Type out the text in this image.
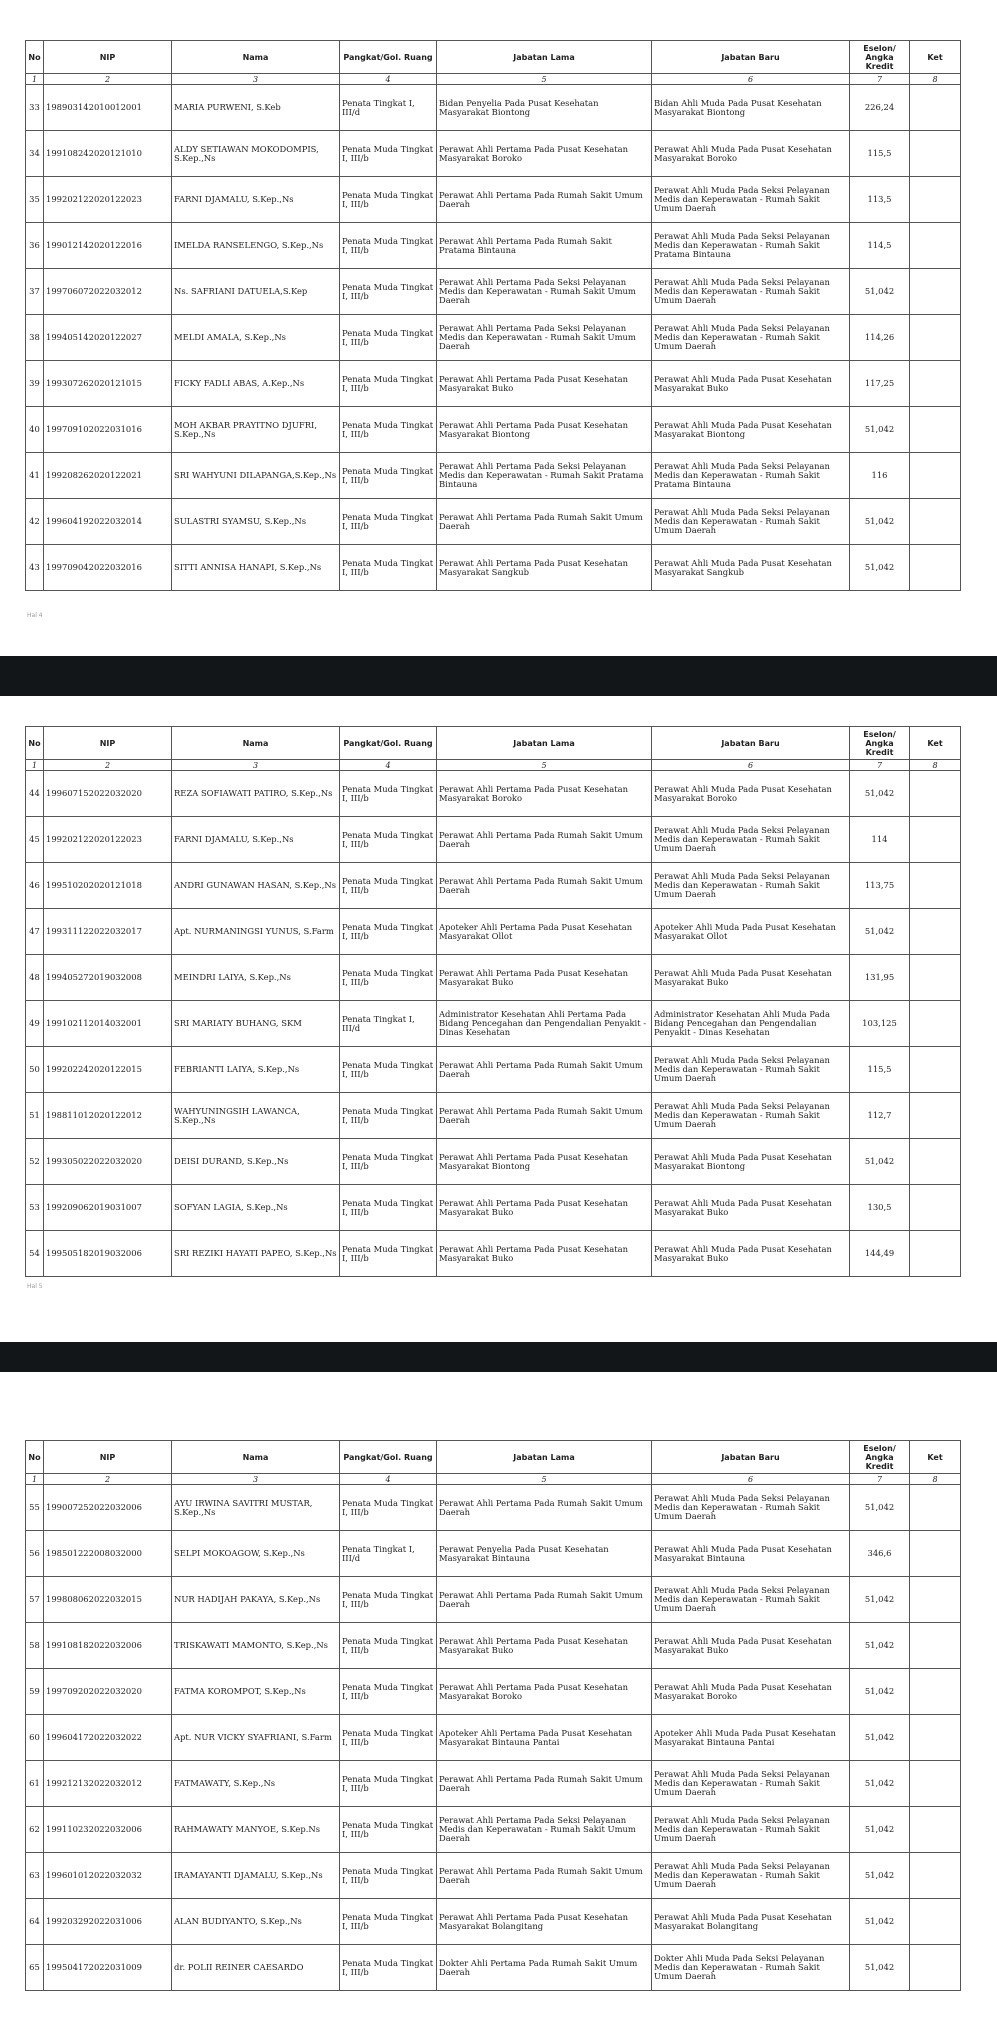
No	NIP	Nama	Pangkat/Gol. Ruang	Jabatan Lama	Jabatan Baru	Eselon/ Angka Kredit	Ket
1	2	3	4	5	6	7	8
33	198903142010012001	MARIA PURWENI, S.Keb	Penata Tingkat I, III/d	Bidan Penyelia Pada Pusat Kesehatan Masyarakat Biontong	Bidan Ahli Muda Pada Pusat Kesehatan Masyarakat Biontong	226,24	
34	199108242020121010	ALDY SETIAWAN MOKODOMPIS, S.Kep.,Ns	Penata Muda Tingkat I, III/b	Perawat Ahli Pertama Pada Pusat Kesehatan Masyarakat Boroko	Perawat Ahli Muda Pada Pusat Kesehatan Masyarakat Boroko	115,5	
35	199202122020122023	FARNI DJAMALU, S.Kep.,Ns	Penata Muda Tingkat I, III/b	Perawat Ahli Pertama Pada Rumah Sakit Umum Daerah	Perawat Ahli Muda Pada Seksi Pelayanan Medis dan Keperawatan - Rumah Sakit Umum Daerah	113,5	
36	199012142020122016	IMELDA RANSELENGO, S.Kep.,Ns	Penata Muda Tingkat I, III/b	Perawat Ahli Pertama Pada Rumah Sakit Pratama Bintauna	Perawat Ahli Muda Pada Seksi Pelayanan Medis dan Keperawatan - Rumah Sakit Pratama Bintauna	114,5	
37	199706072022032012	Ns. SAFRIANI DATUELA,S.Kep	Penata Muda Tingkat I, III/b	Perawat Ahli Pertama Pada Seksi Pelayanan Medis dan Keperawatan - Rumah Sakit Umum Daerah	Perawat Ahli Muda Pada Seksi Pelayanan Medis dan Keperawatan - Rumah Sakit Umum Daerah	51,042	
38	199405142020122027	MELDI AMALA, S.Kep.,Ns	Penata Muda Tingkat I, III/b	Perawat Ahli Pertama Pada Seksi Pelayanan Medis dan Keperawatan - Rumah Sakit Umum Daerah	Perawat Ahli Muda Pada Seksi Pelayanan Medis dan Keperawatan - Rumah Sakit Umum Daerah	114,26	
39	199307262020121015	FICKY FADLI ABAS, A.Kep.,Ns	Penata Muda Tingkat I, III/b	Perawat Ahli Pertama Pada Pusat Kesehatan Masyarakat Buko	Perawat Ahli Muda Pada Pusat Kesehatan Masyarakat Buko	117,25	
40	199709102022031016	MOH AKBAR PRAYITNO DJUFRI, S.Kep.,Ns	Penata Muda Tingkat I, III/b	Perawat Ahli Pertama Pada Pusat Kesehatan Masyarakat Biontong	Perawat Ahli Muda Pada Pusat Kesehatan Masyarakat Biontong	51,042	
41	199208262020122021	SRI WAHYUNI DILAPANGA,S.Kep.,Ns	Penata Muda Tingkat I, III/b	Perawat Ahli Pertama Pada Seksi Pelayanan Medis dan Keperawatan - Rumah Sakit Pratama Bintauna	Perawat Ahli Muda Pada Seksi Pelayanan Medis dan Keperawatan - Rumah Sakit Pratama Bintauna	116	
42	199604192022032014	SULASTRI SYAMSU, S.Kep.,Ns	Penata Muda Tingkat I, III/b	Perawat Ahli Pertama Pada Rumah Sakit Umum Daerah	Perawat Ahli Muda Pada Seksi Pelayanan Medis dan Keperawatan - Rumah Sakit Umum Daerah	51,042	
43	199709042022032016	SITTI ANNISA HANAPI, S.Kep.,Ns	Penata Muda Tingkat I, III/b	Perawat Ahli Pertama Pada Pusat Kesehatan Masyarakat Sangkub	Perawat Ahli Muda Pada Pusat Kesehatan Masyarakat Sangkub	51,042	
Hal 4
No	NIP	Nama	Pangkat/Gol. Ruang	Jabatan Lama	Jabatan Baru	Eselon/ Angka Kredit	Ket
1	2	3	4	5	6	7	8
44	199607152022032020	REZA SOFIAWATI PATIRO, S.Kep.,Ns	Penata Muda Tingkat I, III/b	Perawat Ahli Pertama Pada Pusat Kesehatan Masyarakat Boroko	Perawat Ahli Muda Pada Pusat Kesehatan Masyarakat Boroko	51,042	
45	199202122020122023	FARNI DJAMALU, S.Kep.,Ns	Penata Muda Tingkat I, III/b	Perawat Ahli Pertama Pada Rumah Sakit Umum Daerah	Perawat Ahli Muda Pada Seksi Pelayanan Medis dan Keperawatan - Rumah Sakit Umum Daerah	114	
46	199510202020121018	ANDRI GUNAWAN HASAN, S.Kep.,Ns	Penata Muda Tingkat I, III/b	Perawat Ahli Pertama Pada Rumah Sakit Umum Daerah	Perawat Ahli Muda Pada Seksi Pelayanan Medis dan Keperawatan - Rumah Sakit Umum Daerah	113,75	
47	199311122022032017	Apt. NURMANINGSI YUNUS, S.Farm	Penata Muda Tingkat I, III/b	Apoteker Ahli Pertama Pada Pusat Kesehatan Masyarakat Ollot	Apoteker Ahli Muda Pada Pusat Kesehatan Masyarakat Ollot	51,042	
48	199405272019032008	MEINDRI LAIYA, S.Kep.,Ns	Penata Muda Tingkat I, III/b	Perawat Ahli Pertama Pada Pusat Kesehatan Masyarakat Buko	Perawat Ahli Muda Pada Pusat Kesehatan Masyarakat Buko	131,95	
49	199102112014032001	SRI MARIATY BUHANG, SKM	Penata Tingkat I, III/d	Administrator Kesehatan Ahli Pertama Pada Bidang Pencegahan dan Pengendalian Penyakit - Dinas Kesehatan	Administrator Kesehatan Ahli Muda Pada Bidang Pencegahan dan Pengendalian Penyakit - Dinas Kesehatan	103,125	
50	199202242020122015	FEBRIANTI LAIYA, S.Kep.,Ns	Penata Muda Tingkat I, III/b	Perawat Ahli Pertama Pada Rumah Sakit Umum Daerah	Perawat Ahli Muda Pada Seksi Pelayanan Medis dan Keperawatan - Rumah Sakit Umum Daerah	115,5	
51	198811012020122012	WAHYUNINGSIH LAWANCA, S.Kep.,Ns	Penata Muda Tingkat I, III/b	Perawat Ahli Pertama Pada Rumah Sakit Umum Daerah	Perawat Ahli Muda Pada Seksi Pelayanan Medis dan Keperawatan - Rumah Sakit Umum Daerah	112,7	
52	199305022022032020	DEISI DURAND, S.Kep.,Ns	Penata Muda Tingkat I, III/b	Perawat Ahli Pertama Pada Pusat Kesehatan Masyarakat Biontong	Perawat Ahli Muda Pada Pusat Kesehatan Masyarakat Biontong	51,042	
53	199209062019031007	SOFYAN LAGIA, S.Kep.,Ns	Penata Muda Tingkat I, III/b	Perawat Ahli Pertama Pada Pusat Kesehatan Masyarakat Buko	Perawat Ahli Muda Pada Pusat Kesehatan Masyarakat Buko	130,5	
54	199505182019032006	SRI REZIKI HAYATI PAPEO, S.Kep.,Ns	Penata Muda Tingkat I, III/b	Perawat Ahli Pertama Pada Pusat Kesehatan Masyarakat Buko	Perawat Ahli Muda Pada Pusat Kesehatan Masyarakat Buko	144,49	
Hal 5
No	NIP	Nama	Pangkat/Gol. Ruang	Jabatan Lama	Jabatan Baru	Eselon/ Angka Kredit	Ket
1	2	3	4	5	6	7	8
55	199007252022032006	AYU IRWINA SAVITRI MUSTAR, S.Kep.,Ns	Penata Muda Tingkat I, III/b	Perawat Ahli Pertama Pada Rumah Sakit Umum Daerah	Perawat Ahli Muda Pada Seksi Pelayanan Medis dan Keperawatan - Rumah Sakit Umum Daerah	51,042	
56	198501222008032000	SELPI MOKOAGOW, S.Kep.,Ns	Penata Tingkat I, III/d	Perawat Penyelia Pada Pusat Kesehatan Masyarakat Bintauna	Perawat Ahli Muda Pada Pusat Kesehatan Masyarakat Bintauna	346,6	
57	199808062022032015	NUR HADIJAH PAKAYA, S.Kep.,Ns	Penata Muda Tingkat I, III/b	Perawat Ahli Pertama Pada Rumah Sakit Umum Daerah	Perawat Ahli Muda Pada Seksi Pelayanan Medis dan Keperawatan - Rumah Sakit Umum Daerah	51,042	
58	199108182022032006	TRISKAWATI MAMONTO, S.Kep.,Ns	Penata Muda Tingkat I, III/b	Perawat Ahli Pertama Pada Pusat Kesehatan Masyarakat Buko	Perawat Ahli Muda Pada Pusat Kesehatan Masyarakat Buko	51,042	
59	199709202022032020	FATMA KOROMPOT, S.Kep.,Ns	Penata Muda Tingkat I, III/b	Perawat Ahli Pertama Pada Pusat Kesehatan Masyarakat Boroko	Perawat Ahli Muda Pada Pusat Kesehatan Masyarakat Boroko	51,042	
60	199604172022032022	Apt. NUR VICKY SYAFRIANI, S.Farm	Penata Muda Tingkat I, III/b	Apoteker Ahli Pertama Pada Pusat Kesehatan Masyarakat Bintauna Pantai	Apoteker Ahli Muda Pada Pusat Kesehatan Masyarakat Bintauna Pantai	51,042	
61	199212132022032012	FATMAWATY, S.Kep.,Ns	Penata Muda Tingkat I, III/b	Perawat Ahli Pertama Pada Rumah Sakit Umum Daerah	Perawat Ahli Muda Pada Seksi Pelayanan Medis dan Keperawatan - Rumah Sakit Umum Daerah	51,042	
62	199110232022032006	RAHMAWATY MANYOE, S.Kep.Ns	Penata Muda Tingkat I, III/b	Perawat Ahli Pertama Pada Seksi Pelayanan Medis dan Keperawatan - Rumah Sakit Umum Daerah	Perawat Ahli Muda Pada Seksi Pelayanan Medis dan Keperawatan - Rumah Sakit Umum Daerah	51,042	
63	199601012022032032	IRAMAYANTI DJAMALU, S.Kep.,Ns	Penata Muda Tingkat I, III/b	Perawat Ahli Pertama Pada Rumah Sakit Umum Daerah	Perawat Ahli Muda Pada Seksi Pelayanan Medis dan Keperawatan - Rumah Sakit Umum Daerah	51,042	
64	199203292022031006	ALAN BUDIYANTO, S.Kep.,Ns	Penata Muda Tingkat I, III/b	Perawat Ahli Pertama Pada Pusat Kesehatan Masyarakat Bolangitang	Perawat Ahli Muda Pada Pusat Kesehatan Masyarakat Bolangitang	51,042	
65	199504172022031009	dr. POLII REINER CAESARDO	Penata Muda Tingkat I, III/b	Dokter Ahli Pertama Pada Rumah Sakit Umum Daerah	Dokter Ahli Muda Pada Seksi Pelayanan Medis dan Keperawatan - Rumah Sakit Umum Daerah	51,042	
